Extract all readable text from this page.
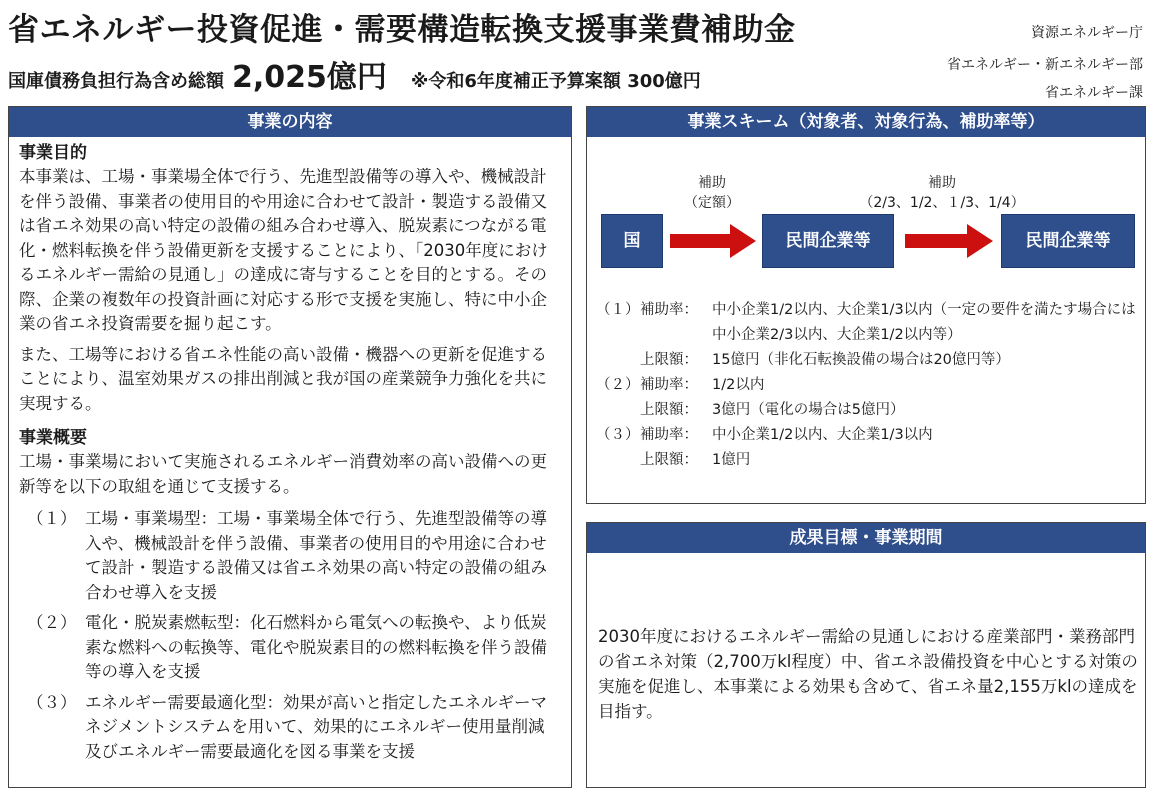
省エネルギー投資促進・需要構造転換支援事業費補助金
国庫債務負担行為含め総額 2,025億円 ※令和6年度補正予算案額 300億円
資源エネルギー庁
省エネルギー・新エネルギー部
省エネルギー課
事業の内容
事業目的

本事業は、工場・事業場全体で行う、先進型設備等の導入や、機械設計を伴う設備、事業者の使用目的や用途に合わせて設計・製造する設備又は省エネ効果の高い特定の設備の組み合わせ導入、脱炭素につながる電化・燃料転換を伴う設備更新を支援することにより、「2030年度におけるエネルギー需給の見通し」の達成に寄与することを目的とする。その際、企業の複数年の投資計画に対応する形で支援を実施し、特に中小企業の省エネ投資需要を掘り起こす。

また、工場等における省エネ性能の高い設備・機器への更新を促進することにより、温室効果ガスの排出削減と我が国の産業競争力強化を共に実現する。

事業概要

工場・事業場において実施されるエネルギー消費効率の高い設備への更新等を以下の取組を通じて支援する。

（１） 工場・事業場型：工場・事業場全体で行う、先進型設備等の導入や、機械設計を伴う設備、事業者の使用目的や用途に合わせて設計・製造する設備又は省エネ効果の高い特定の設備の組み合わせ導入を支援
（２） 電化・脱炭素燃転型：化石燃料から電気への転換や、より低炭素な燃料への転換等、電化や脱炭素目的の燃料転換を伴う設備等の導入を支援
（３） エネルギー需要最適化型：効果が高いと指定したエネルギーマネジメントシステムを用いて、効果的にエネルギー使用量削減及びエネルギー需要最適化を図る事業を支援
事業スキーム（対象者、対象行為、補助率等）
補助
（定額）
補助
（2/3、1/2、１/3、1/4）
国	民間企業等	民間企業等
（１） 補助率： 中小企業1/2以内、大企業1/3以内（一定の要件を満たす場合には中小企業2/3以内、大企業1/2以内等）
上限額： 15億円（非化石転換設備の場合は20億円等）
（２） 補助率： 1/2以内
上限額： 3億円（電化の場合は5億円）
（３） 補助率： 中小企業1/2以内、大企業1/3以内
上限額： 1億円
成果目標・事業期間
2030年度におけるエネルギー需給の見通しにおける産業部門・業務部門の省エネ対策（2,700万kl程度）中、省エネ設備投資を中心とする対策の実施を促進し、本事業による効果も含めて、省エネ量2,155万klの達成を目指す。
